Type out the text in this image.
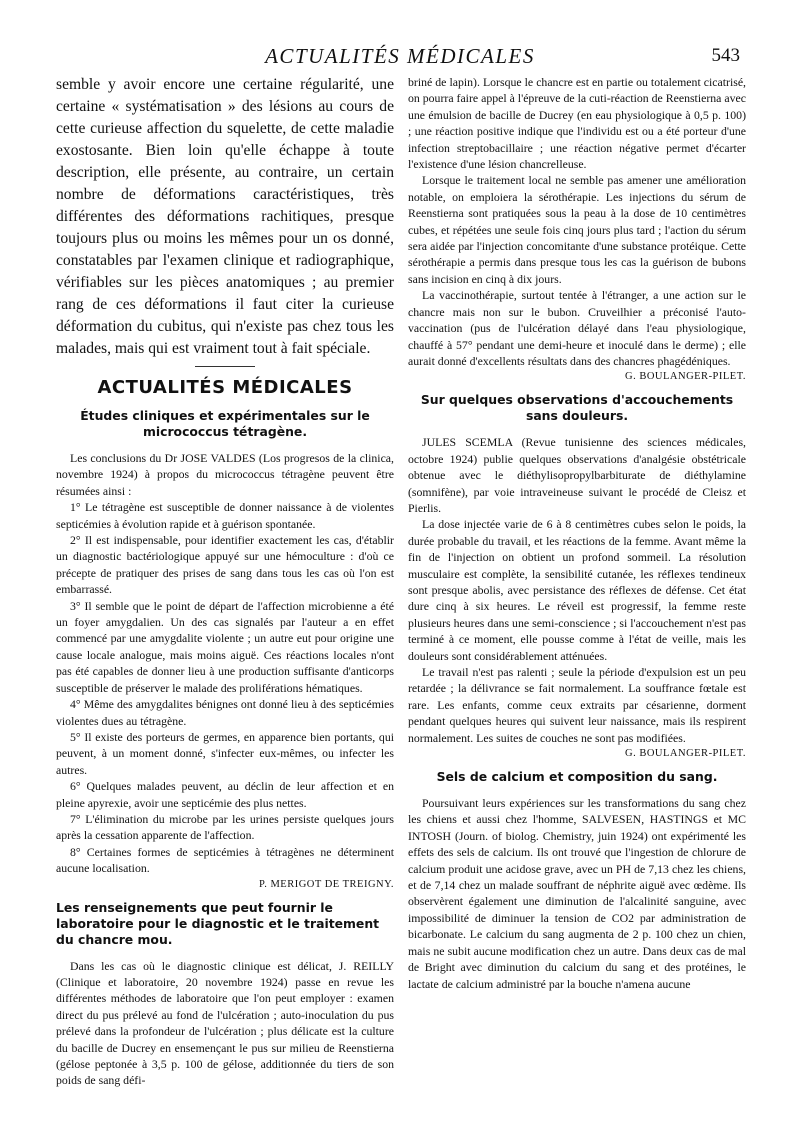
ACTUALITÉS MÉDICALES	543

semble y avoir encore une certaine régularité, une certaine « systématisation » des lésions au cours de cette curieuse affection du squelette, de cette maladie exostosante. Bien loin qu'elle échappe à toute description, elle présente, au contraire, un certain nombre de déformations caractéristiques, très différentes des déformations rachitiques, presque toujours plus ou moins les mêmes pour un os donné, constatables par l'examen clinique et radiographique, vérifiables sur les pièces anatomiques ; au premier rang de ces déformations il faut citer la curieuse déformation du cubitus, qui n'existe pas chez tous les malades, mais qui est vraiment tout à fait spéciale.

ACTUALITÉS MÉDICALES
Études cliniques et expérimentales sur le micrococcus tétragène.

Les conclusions du Dr JOSE VALDES (Los progresos de la clinica, novembre 1924) à propos du micrococcus tétragène peuvent être résumées ainsi :

1° Le tétragène est susceptible de donner naissance à de violentes septicémies à évolution rapide et à guérison spontanée.

2° Il est indispensable, pour identifier exactement les cas, d'établir un diagnostic bactériologique appuyé sur une hémoculture : d'où ce précepte de pratiquer des prises de sang dans tous les cas où l'on est embarrassé.

3° Il semble que le point de départ de l'affection microbienne a été un foyer amygdalien. Un des cas signalés par l'auteur a en effet commencé par une amygdalite violente ; un autre eut pour origine une cause locale analogue, mais moins aiguë. Ces réactions locales n'ont pas été capables de donner lieu à une production suffisante d'anticorps susceptible de préserver le malade des proliférations hématiques.

4° Même des amygdalites bénignes ont donné lieu à des septicémies violentes dues au tétragène.

5° Il existe des porteurs de germes, en apparence bien portants, qui peuvent, à un moment donné, s'infecter eux-mêmes, ou infecter les autres.

6° Quelques malades peuvent, au déclin de leur affection et en pleine apyrexie, avoir une septicémie des plus nettes.

7° L'élimination du microbe par les urines persiste quelques jours après la cessation apparente de l'affection.

8° Certaines formes de septicémies à tétragènes ne déterminent aucune localisation.

P. MERIGOT DE TREIGNY.

Les renseignements que peut fournir le laboratoire pour le diagnostic et le traitement du chancre mou.

Dans les cas où le diagnostic clinique est délicat, J. REILLY (Clinique et laboratoire, 20 novembre 1924) passe en revue les différentes méthodes de laboratoire que l'on peut employer : examen direct du pus prélevé au fond de l'ulcération ; auto-inoculation du pus prélevé dans la profondeur de l'ulcération ; plus délicate est la culture du bacille de Ducrey en ensemençant le pus sur milieu de Reenstierna (gélose peptonée à 3,5 p. 100 de gélose, additionnée du tiers de son poids de sang défi-

briné de lapin). Lorsque le chancre est en partie ou totalement cicatrisé, on pourra faire appel à l'épreuve de la cuti-réaction de Reenstierna avec une émulsion de bacille de Ducrey (en eau physiologique à 0,5 p. 100) ; une réaction positive indique que l'individu est ou a été porteur d'une infection streptobacillaire ; une réaction négative permet d'écarter l'existence d'une lésion chancrelleuse.

Lorsque le traitement local ne semble pas amener une amélioration notable, on emploiera la sérothérapie. Les injections du sérum de Reenstierna sont pratiquées sous la peau à la dose de 10 centimètres cubes, et répétées une seule fois cinq jours plus tard ; l'action du sérum sera aidée par l'injection concomitante d'une substance protéique. Cette sérothérapie a permis dans presque tous les cas la guérison de bubons sans incision en cinq à dix jours.

La vaccinothérapie, surtout tentée à l'étranger, a une action sur le chancre mais non sur le bubon. Cruveilhier a préconisé l'auto-vaccination (pus de l'ulcération délayé dans l'eau physiologique, chauffé à 57° pendant une demi-heure et inoculé dans le derme) ; elle aurait donné d'excellents résultats dans des chancres phagédéniques.

G. BOULANGER-PILET.

Sur quelques observations d'accouchements sans douleurs.

JULES SCEMLA (Revue tunisienne des sciences médicales, octobre 1924) publie quelques observations d'analgésie obstétricale obtenue avec le diéthylisopropylbarbiturate de diéthylamine (somnifène), par voie intraveineuse suivant le procédé de Cleisz et Pierlis.

La dose injectée varie de 6 à 8 centimètres cubes selon le poids, la durée probable du travail, et les réactions de la femme. Avant même la fin de l'injection on obtient un profond sommeil. La résolution musculaire est complète, la sensibilité cutanée, les réflexes tendineux sont presque abolis, avec persistance des réflexes de défense. Cet état dure cinq à six heures. Le réveil est progressif, la femme reste plusieurs heures dans une semi-conscience ; si l'accouchement n'est pas terminé à ce moment, elle pousse comme à l'état de veille, mais les douleurs sont considérablement atténuées.

Le travail n'est pas ralenti ; seule la période d'expulsion est un peu retardée ; la délivrance se fait normalement. La souffrance fœtale est rare. Les enfants, comme ceux extraits par césarienne, dorment pendant quelques heures qui suivent leur naissance, mais ils respirent normalement. Les suites de couches ne sont pas modifiées.

G. BOULANGER-PILET.

Sels de calcium et composition du sang.

Poursuivant leurs expériences sur les transformations du sang chez les chiens et aussi chez l'homme, SALVESEN, HASTINGS et MC INTOSH (Journ. of biolog. Chemistry, juin 1924) ont expérimenté les effets des sels de calcium. Ils ont trouvé que l'ingestion de chlorure de calcium produit une acidose grave, avec un PH de 7,13 chez les chiens, et de 7,14 chez un malade souffrant de néphrite aiguë avec œdème. Ils observèrent également une diminution de l'alcalinité sanguine, avec impossibilité de diminuer la tension de CO2 par administration de bicarbonate. Le calcium du sang augmenta de 2 p. 100 chez un chien, mais ne subit aucune modification chez un autre. Dans deux cas de mal de Bright avec diminution du calcium du sang et des protéines, le lactate de calcium administré par la bouche n'amena aucune
